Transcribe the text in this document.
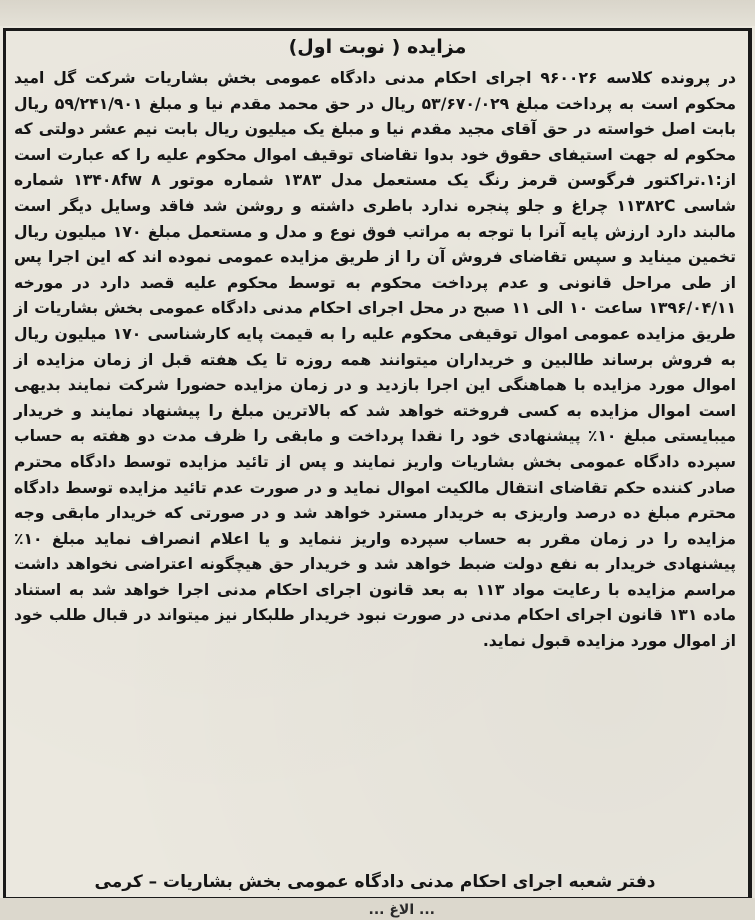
مزایده ( نوبت اول)
در پرونده کلاسه ۹۶۰۰۲۶ اجرای احکام مدنی دادگاه عمومی بخش بشاریات شرکت گل امید محکوم است به پرداخت مبلغ ۵۳/۶۷۰/۰۲۹ ریال در حق محمد مقدم نیا و مبلغ ۵۹/۲۴۱/۹۰۱ ریال بابت اصل خواسته در حق آقای مجید مقدم نیا و مبلغ یک میلیون ریال بابت نیم عشر دولتی که محکوم له جهت استیفای حقوق خود بدوا تقاضای توقیف اموال محکوم علیه را که عبارت است از:۱.تراکتور فرگوسن قرمز رنگ یک مستعمل مدل ۱۳۸۳ شماره موتور ۱۳۴۰۸fw ۸ شماره شاسی ۱۱۳۸۲C چراغ و جلو پنجره ندارد باطری داشته و روشن شد فاقد وسایل دیگر است مالبند دارد ارزش پایه آنرا با توجه به مراتب فوق نوع و مدل و مستعمل مبلغ ۱۷۰ میلیون ریال تخمین میناید و سپس تقاضای فروش آن را از طریق مزایده عمومی نموده اند که این اجرا پس از طی مراحل قانونی و عدم پرداخت محکوم به توسط محکوم علیه قصد دارد در مورخه ۱۳۹۶/۰۴/۱۱ ساعت ۱۰ الی ۱۱ صبح در محل اجرای احکام مدنی دادگاه عمومی بخش بشاریات از طریق مزایده عمومی اموال توقیفی محکوم علیه را به قیمت پایه کارشناسی ۱۷۰ میلیون ریال به فروش برساند طالبین و خریداران میتوانند همه روزه تا یک هفته قبل از زمان مزایده از اموال مورد مزایده با هماهنگی این اجرا بازدید و در زمان مزایده حضورا شرکت نمایند بدیهی است اموال مزایده به کسی فروخته خواهد شد که بالاترین مبلغ را پیشنهاد نمایند و خریدار میبایستی مبلغ ۱۰٪ پیشنهادی خود را نقدا پرداخت و مابقی را ظرف مدت دو هفته به حساب سپرده دادگاه عمومی بخش بشاریات واریز نمایند و پس از تائید مزایده توسط دادگاه محترم صادر کننده حکم تقاضای انتقال مالکیت اموال نماید و در صورت عدم تائید مزایده توسط دادگاه محترم مبلغ ده درصد واریزی به خریدار مسترد خواهد شد و در صورتی که خریدار مابقی وجه مزایده را در زمان مقرر به حساب سپرده واریز ننماید و یا اعلام انصراف نماید مبلغ ۱۰٪ پیشنهادی خریدار به نفع دولت ضبط خواهد شد و خریدار حق هیچگونه اعتراضی نخواهد داشت مراسم مزایده با رعایت مواد ۱۱۳ به بعد قانون اجرای احکام مدنی اجرا خواهد شد به استناد ماده ۱۳۱ قانون اجرای احکام مدنی در صورت نبود خریدار طلبکار نیز میتواند در قبال طلب خود از اموال مورد مزایده قبول نماید.
دفتر شعبه اجرای احکام مدنی دادگاه عمومی بخش بشاریات – کرمی
... الاغ ...
